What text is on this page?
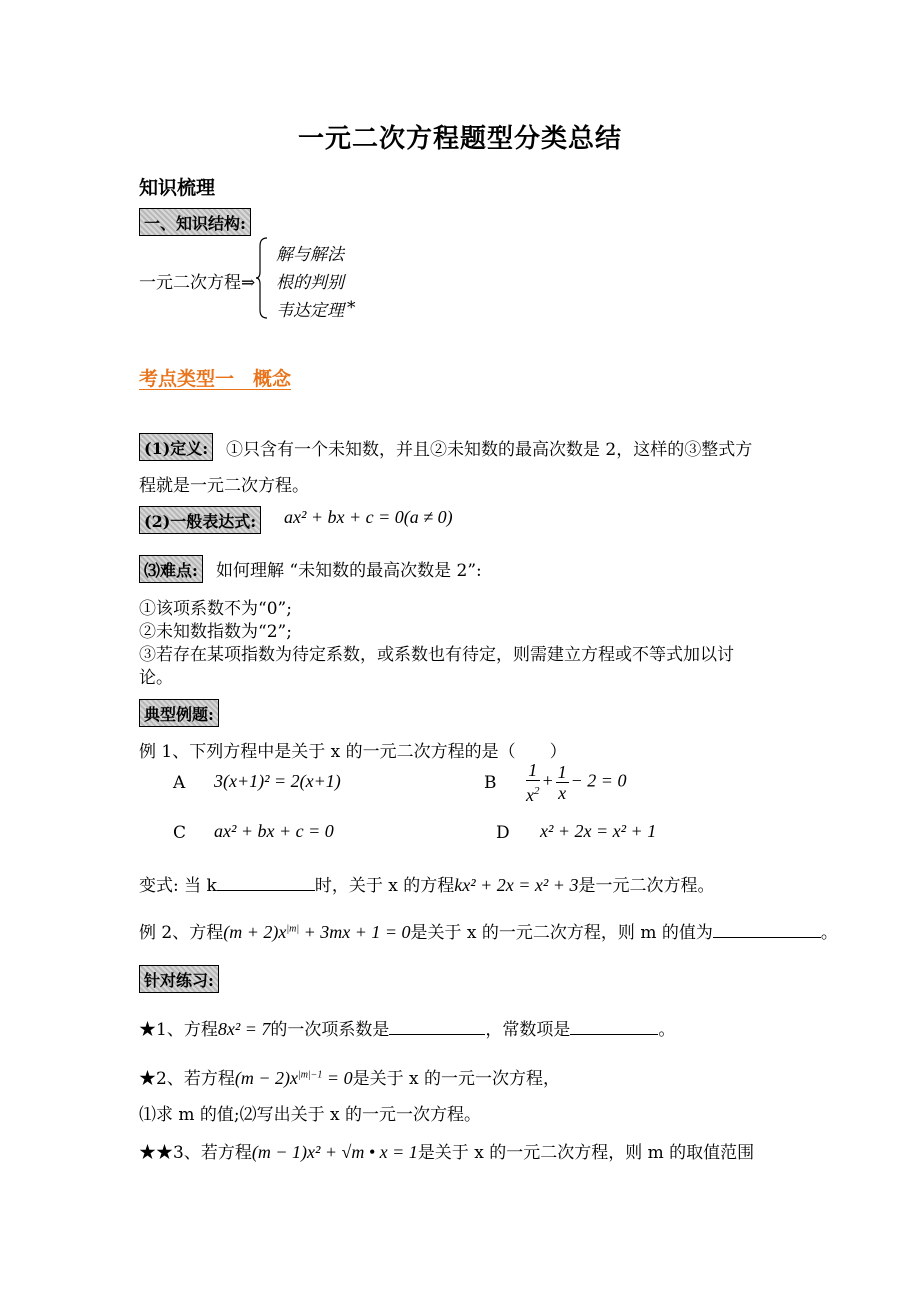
一元二次方程题型分类总结
知识梳理
一、知识结构:
一元二次方程⇒
解与解法
根的判别
韦达定理 *
考点类型一　概念
(1)定义: ①只含有一个未知数，并且②未知数的最高次数是 2，这样的③整式方
程就是一元二次方程。
(2)一般表达式: ax² + bx + c = 0(a ≠ 0)
⑶难点: 如何理解 “未知数的最高次数是 2”:
①该项系数不为“0”;
②未知数指数为“2”;
③若存在某项指数为待定系数，或系数也有待定，则需建立方程或不等式加以讨
论。
典型例题:
例 1、下列方程中是关于 x 的一元二次方程的是（　　）
A 3(x+1)² = 2(x+1)	B $\frac{1}{x^2} + \frac{1}{x} - 2 = 0$
C ax² + bx + c = 0	D x² + 2x = x² + 1
变式: 当 k	时，关于 x 的方程kx² + 2x = x² + 3是一元二次方程。
例 2、方程$(m + 2)x^{|m|} + 3mx + 1 = 0$是关于 x 的一元二次方程，则 m 的值为	。
针对练习:
★1、方程8x² = 7的一次项系数是	，常数项是	。
★2、若方程$(m - 2)x^{|m|-1} = 0$是关于 x 的一元一次方程，
⑴求 m 的值;⑵写出关于 x 的一元一次方程。
★★3、若方程(m − 1)x² + √m • x = 1是关于 x 的一元二次方程，则 m 的取值范围
